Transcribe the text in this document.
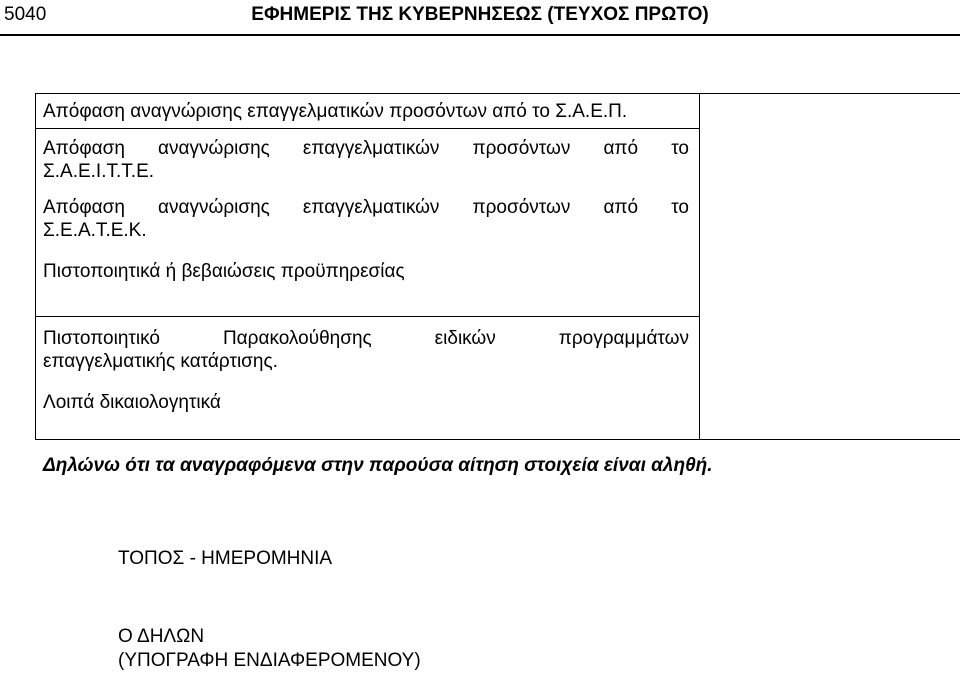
5040	ΕΦΗΜΕΡΙΣ ΤΗΣ ΚΥΒΕΡΝΗΣΕΩΣ (ΤΕΥΧΟΣ ΠΡΩΤΟ)
Απόφαση αναγνώρισης επαγγελματικών προσόντων από το Σ.Α.Ε.Π.
Απόφαση αναγνώρισης επαγγελματικών προσόντων από το
Σ.Α.Ε.Ι.Τ.Τ.Ε.
Απόφαση αναγνώρισης επαγγελματικών προσόντων από το
Σ.Ε.Α.Τ.Ε.Κ.
Πιστοποιητικά ή βεβαιώσεις προϋπηρεσίας
Πιστοποιητικό Παρακολούθησης ειδικών προγραμμάτων
επαγγελματικής κατάρτισης.
Λοιπά δικαιολογητικά
Δηλώνω ότι τα αναγραφόμενα στην παρούσα αίτηση στοιχεία είναι αληθή.
ΤΟΠΟΣ - ΗΜΕΡΟΜΗΝΙΑ
Ο ΔΗΛΩΝ
(ΥΠΟΓΡΑΦΗ ΕΝΔΙΑΦΕΡΟΜΕΝΟΥ)
